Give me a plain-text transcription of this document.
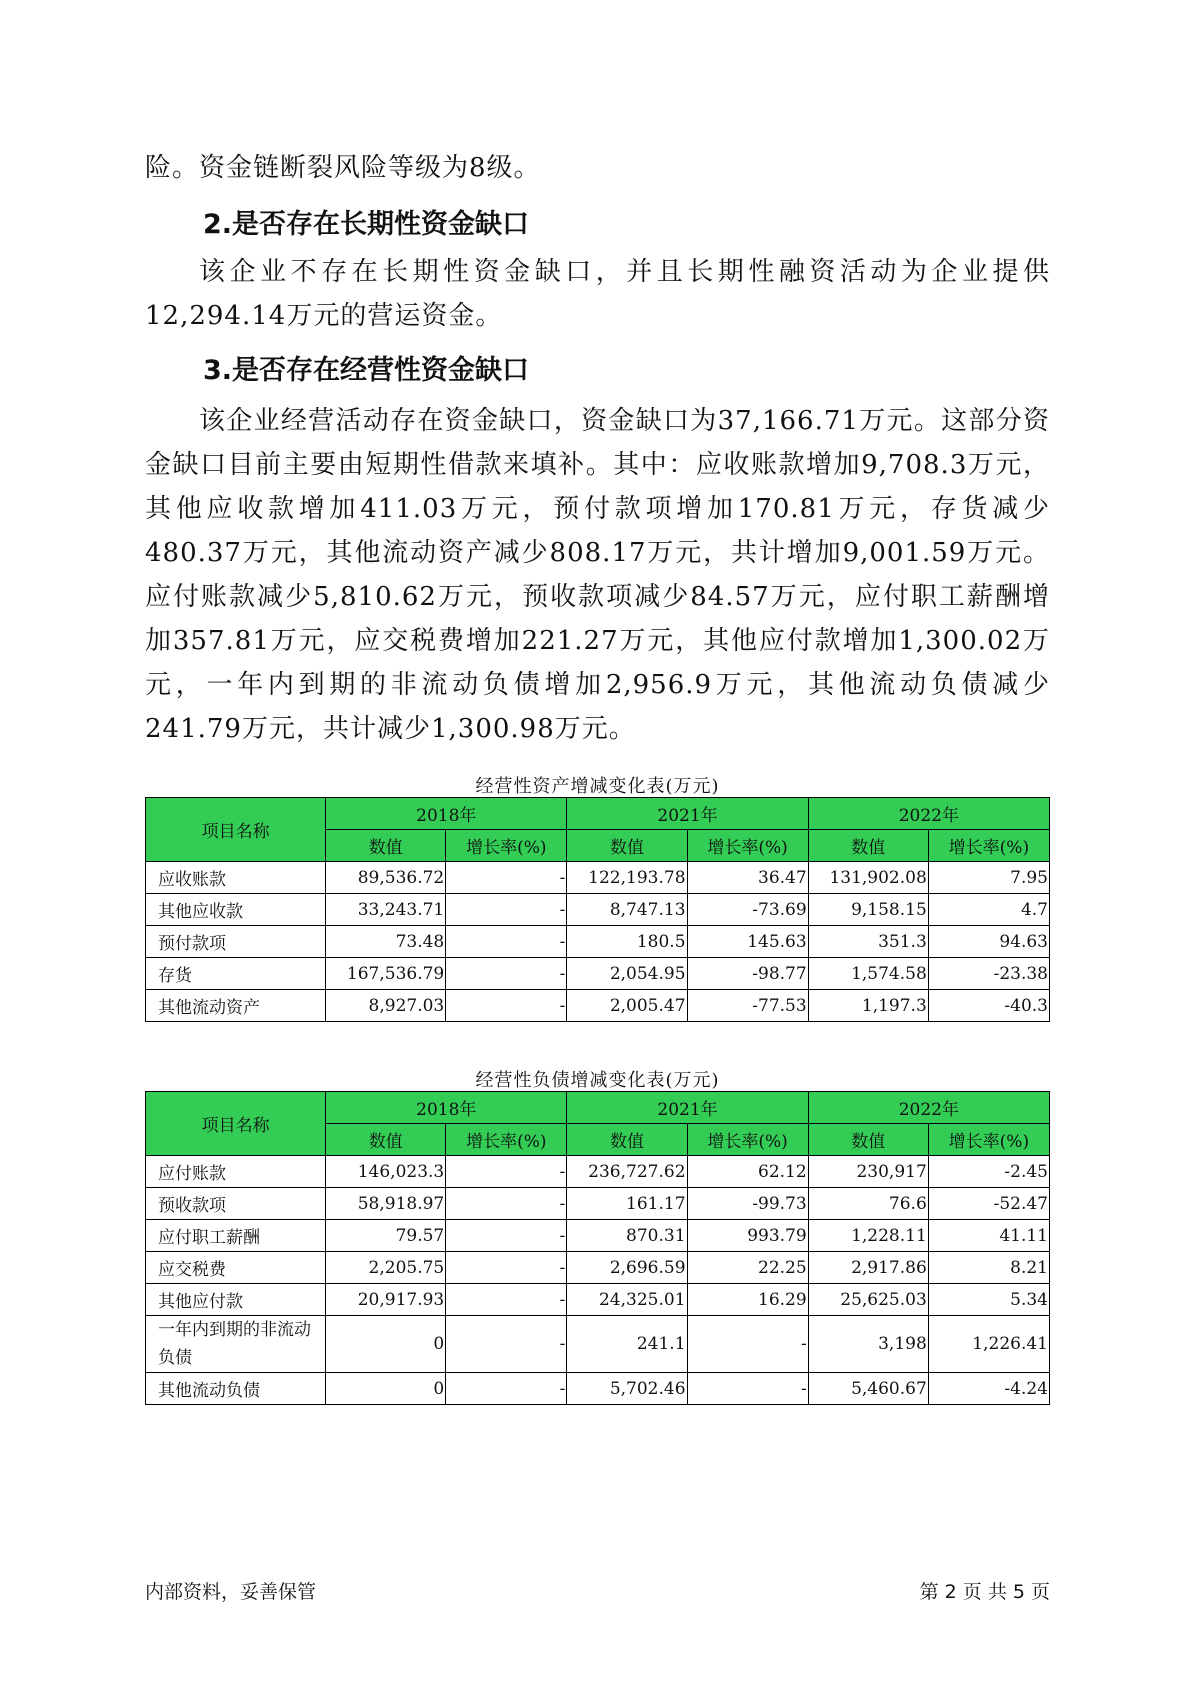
险。资金链断裂风险等级为8级。

2.是否存在长期性资金缺口

该企业不存在长期性资金缺口，并且长期性融资活动为企业提供12,294.14万元的营运资金。

3.是否存在经营性资金缺口

该企业经营活动存在资金缺口，资金缺口为37,166.71万元。这部分资金缺口目前主要由短期性借款来填补。其中：应收账款增加9,708.3万元，其他应收款增加411.03万元，预付款项增加170.81万元，存货减少480.37万元，其他流动资产减少808.17万元，共计增加9,001.59万元。应付账款减少5,810.62万元，预收款项减少84.57万元，应付职工薪酬增加357.81万元，应交税费增加221.27万元，其他应付款增加1,300.02万元，一年内到期的非流动负债增加2,956.9万元，其他流动负债减少241.79万元，共计减少1,300.98万元。

经营性资产增减变化表(万元)
项目名称	2018年		2021年		2022年	
	数值	增长率(%)	数值	增长率(%)	数值	增长率(%)
应收账款	89,536.72	-	122,193.78	36.47	131,902.08	7.95
其他应收款	33,243.71	-	8,747.13	-73.69	9,158.15	4.7
预付款项	73.48	-	180.5	145.63	351.3	94.63
存货	167,536.79	-	2,054.95	-98.77	1,574.58	-23.38
其他流动资产	8,927.03	-	2,005.47	-77.53	1,197.3	-40.3
经营性负债增减变化表(万元)
项目名称	2018年		2021年		2022年	
	数值	增长率(%)	数值	增长率(%)	数值	增长率(%)
应付账款	146,023.3	-	236,727.62	62.12	230,917	-2.45
预收款项	58,918.97	-	161.17	-99.73	76.6	-52.47
应付职工薪酬	79.57	-	870.31	993.79	1,228.11	41.11
应交税费	2,205.75	-	2,696.59	22.25	2,917.86	8.21
其他应付款	20,917.93	-	24,325.01	16.29	25,625.03	5.34
一年内到期的非流动负债	0	-	241.1	-	3,198	1,226.41
其他流动负债	0	-	5,702.46	-	5,460.67	-4.24
内部资料，妥善保管	第 2 页 共 5 页
